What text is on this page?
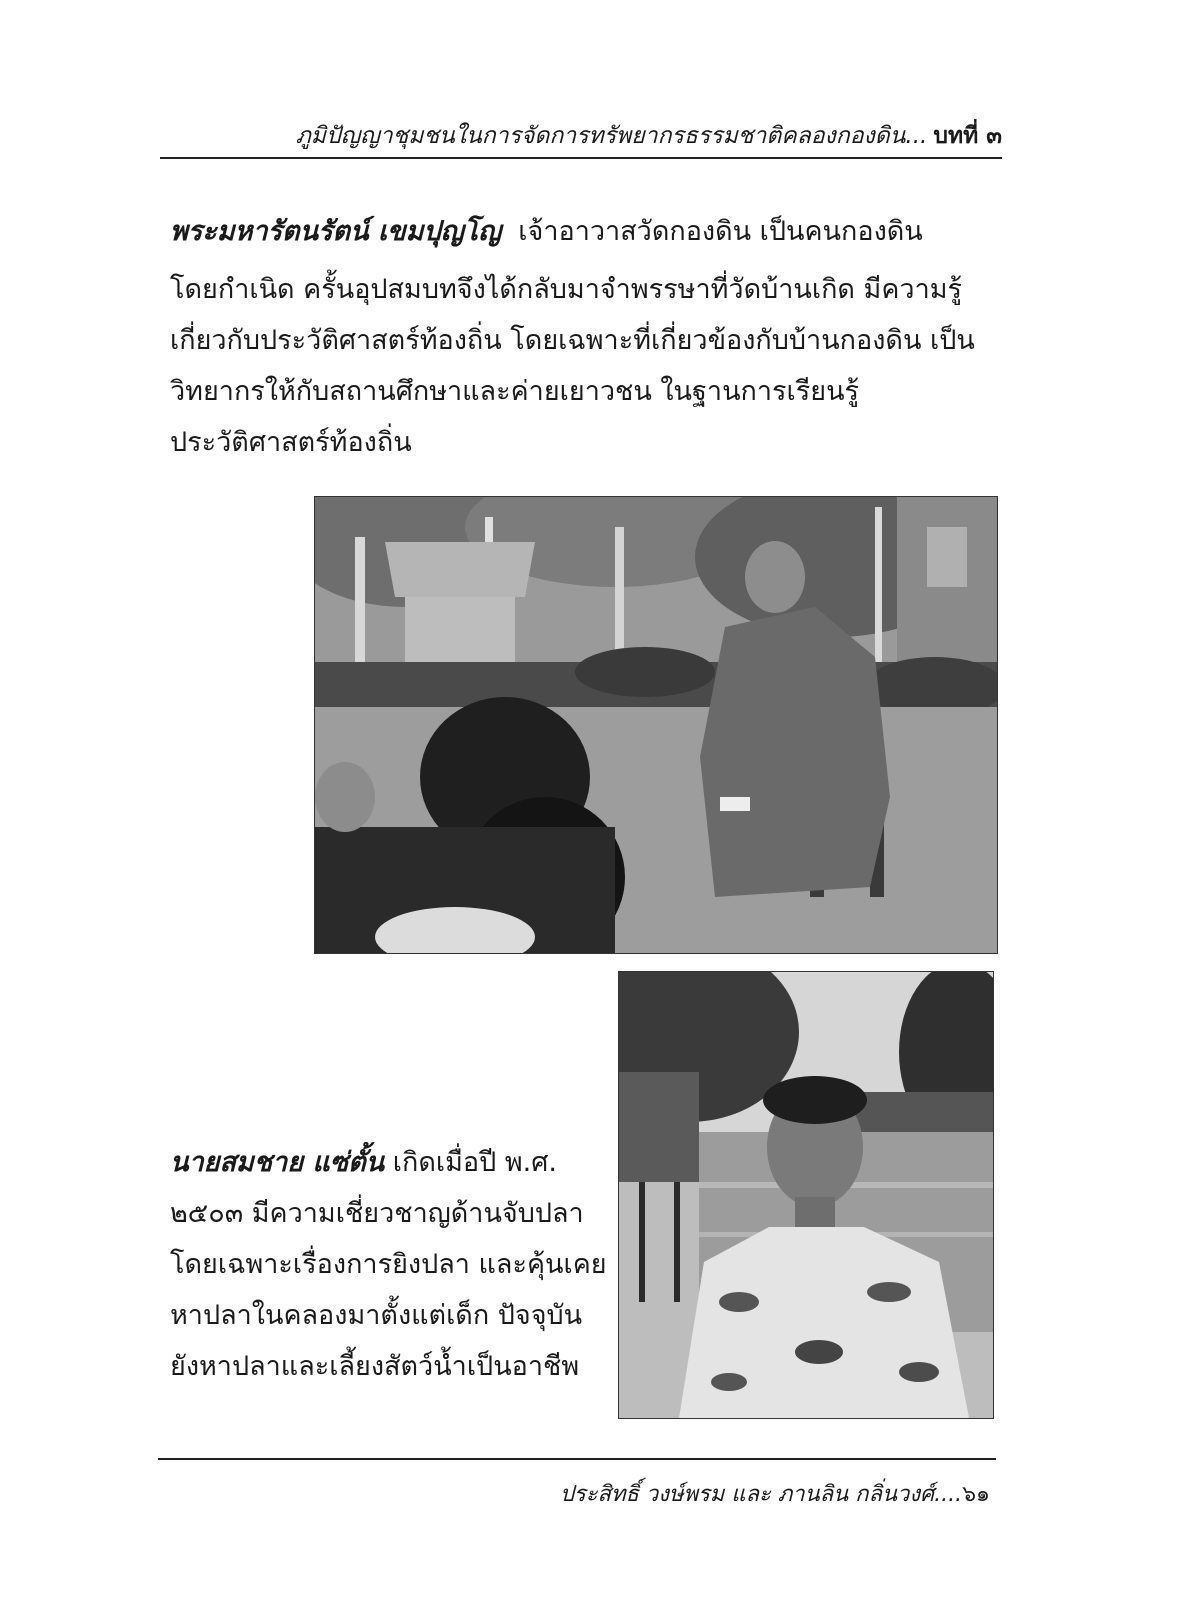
ภูมิปัญญาชุมชนในการจัดการทรัพยากรธรรมชาติคลองกองดิน... บทที่ ๓
พระมหารัตนรัตน์ เขมปุญโญ เจ้าอาวาสวัดกองดิน เป็นคนกองดิน
โดยกำเนิด ครั้นอุปสมบทจึงได้กลับมาจำพรรษาที่วัดบ้านเกิด มีความรู้
เกี่ยวกับประวัติศาสตร์ท้องถิ่น โดยเฉพาะที่เกี่ยวข้องกับบ้านกองดิน เป็น
วิทยากรให้กับสถานศึกษาและค่ายเยาวชน ในฐานการเรียนรู้
ประวัติศาสตร์ท้องถิ่น
นายสมชาย แซ่ตั้น เกิดเมื่อปี พ.ศ.
๒๕๐๓ มีความเชี่ยวชาญด้านจับปลา
โดยเฉพาะเรื่องการยิงปลา และคุ้นเคย
หาปลาในคลองมาตั้งแต่เด็ก ปัจจุบัน
ยังหาปลาและเลี้ยงสัตว์น้ำเป็นอาชีพ
ประสิทธิ์ วงษ์พรม และ ภานลิน กลิ่นวงศ์....๖๑
